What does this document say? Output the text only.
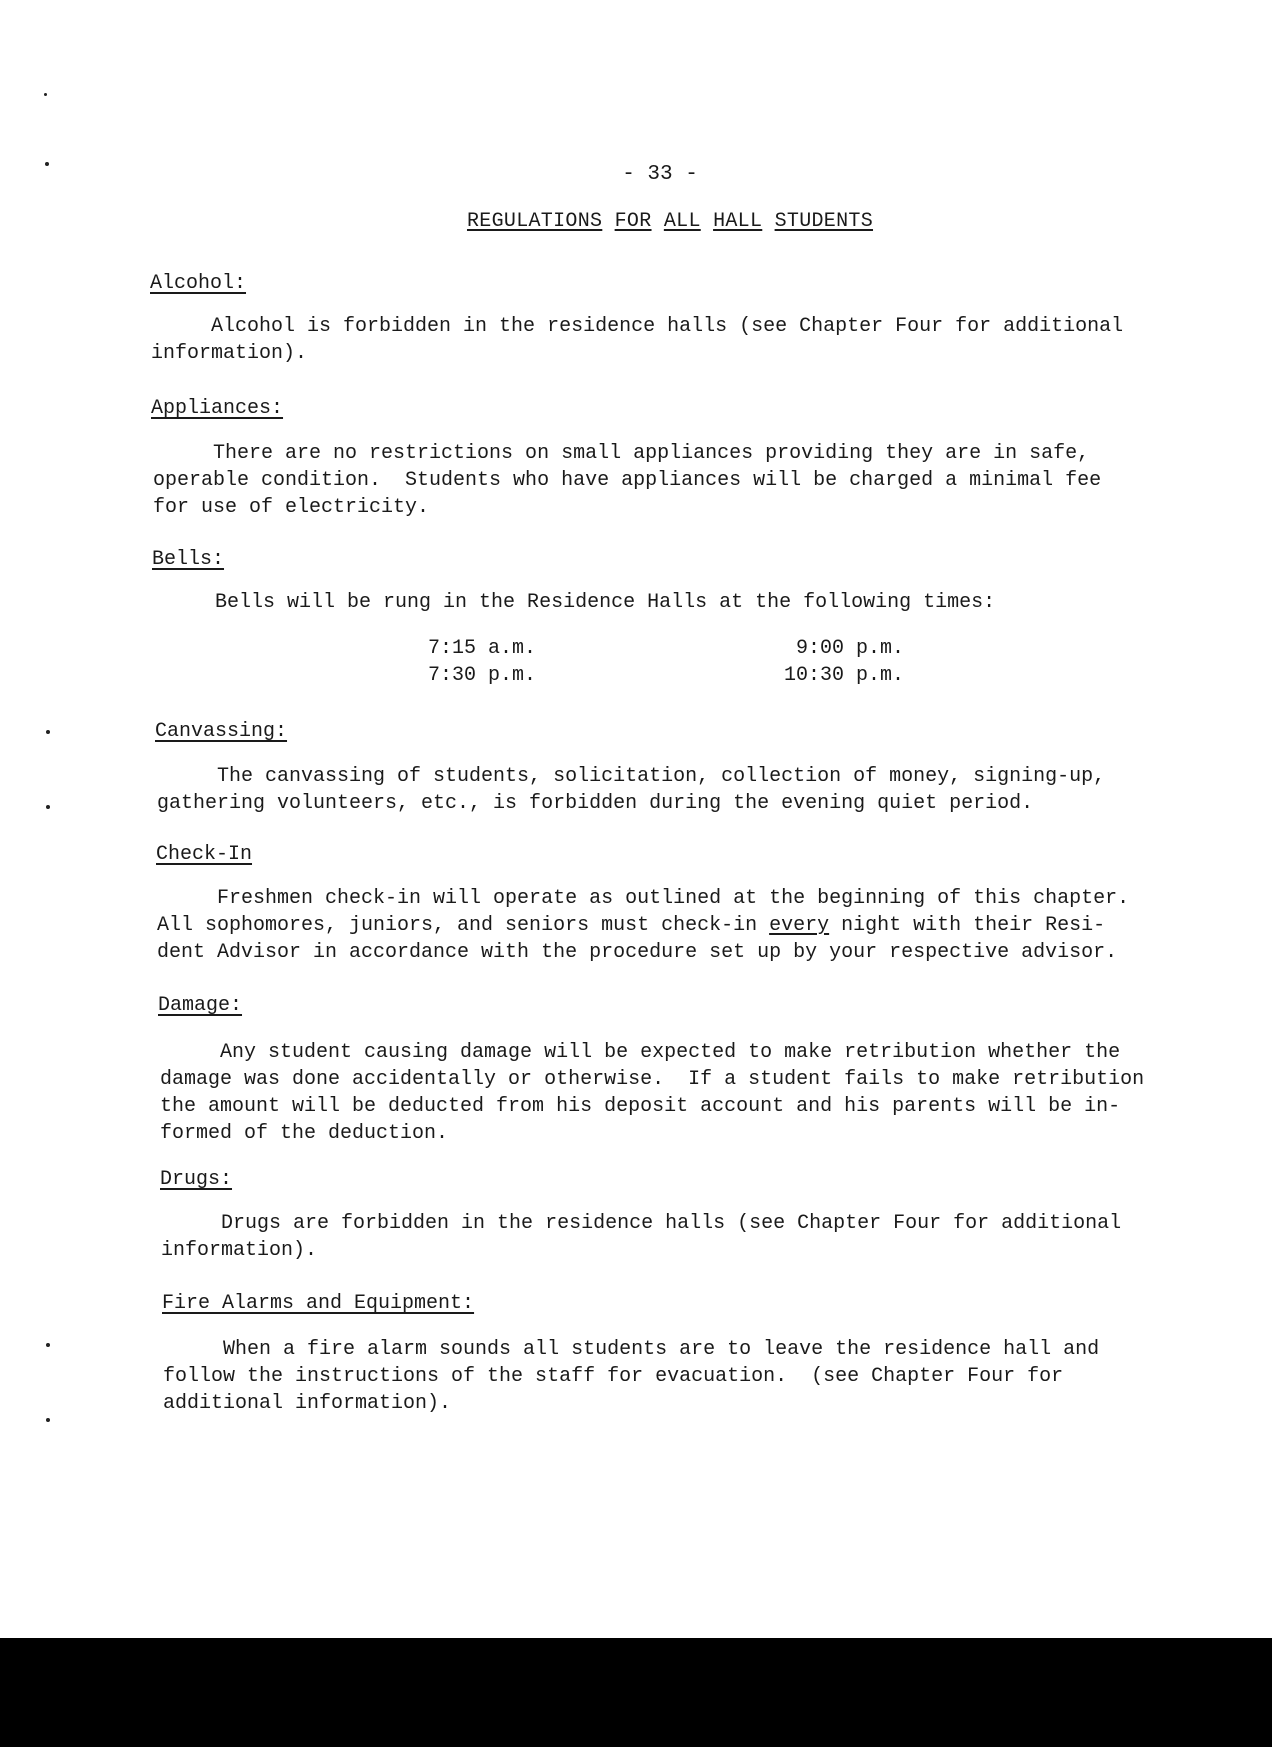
- 33 -
REGULATIONS FOR ALL HALL STUDENTS
Alcohol:
Alcohol is forbidden in the residence halls (see Chapter Four for additional
information).
Appliances:
There are no restrictions on small appliances providing they are in safe,
operable condition.  Students who have appliances will be charged a minimal fee
for use of electricity.
Bells:
Bells will be rung in the Residence Halls at the following times:
7:15 a.m.
7:30 p.m.
9:00 p.m.
10:30 p.m.
Canvassing:
The canvassing of students, solicitation, collection of money, signing-up,
gathering volunteers, etc., is forbidden during the evening quiet period.
Check-In
Freshmen check-in will operate as outlined at the beginning of this chapter.
All sophomores, juniors, and seniors must check-in every night with their Resi-
dent Advisor in accordance with the procedure set up by your respective advisor.
Damage:
Any student causing damage will be expected to make retribution whether the
damage was done accidentally or otherwise.  If a student fails to make retribution
the amount will be deducted from his deposit account and his parents will be in-
formed of the deduction.
Drugs:
Drugs are forbidden in the residence halls (see Chapter Four for additional
information).
Fire Alarms and Equipment:
When a fire alarm sounds all students are to leave the residence hall and
follow the instructions of the staff for evacuation.  (see Chapter Four for
additional information).
